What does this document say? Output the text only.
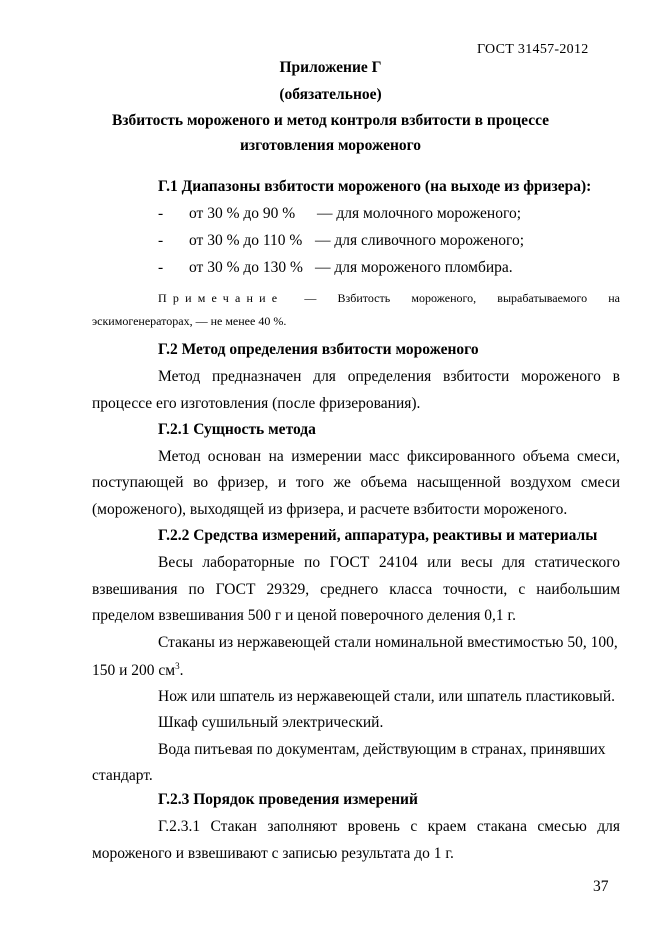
ГОСТ 31457-2012
Приложение Г
(обязательное)
Взбитость мороженого и метод контроля взбитости в процессе
изготовления мороженого
Г.1 Диапазоны взбитости мороженого (на выходе из фризера):
- от 30 % до 90 % — для молочного мороженого;
- от 30 % до 110 % — для сливочного мороженого;
- от 30 % до 130 % — для мороженого пломбира.
Примечание — Взбитость мороженого, вырабатываемого на
эскимогенераторах, — не менее 40 %.
Г.2 Метод определения взбитости мороженого
Метод предназначен для определения взбитости мороженого в
процессе его изготовления (после фризерования).
Г.2.1 Сущность метода
Метод основан на измерении масс фиксированного объема смеси,
поступающей во фризер, и того же объема насыщенной воздухом смеси
(мороженого), выходящей из фризера, и расчете взбитости мороженого.
Г.2.2 Средства измерений, аппаратура, реактивы и материалы
Весы лабораторные по ГОСТ 24104 или весы для статического
взвешивания по ГОСТ 29329, среднего класса точности, с наибольшим
пределом взвешивания 500 г и ценой поверочного деления 0,1 г.
Стаканы из нержавеющей стали номинальной вместимостью 50, 100,
150 и 200 $см^3$.
Нож или шпатель из нержавеющей стали, или шпатель пластиковый.
Шкаф сушильный электрический.
Вода питьевая по документам, действующим в странах, принявших
стандарт.
Г.2.3 Порядок проведения измерений
Г.2.3.1 Стакан заполняют вровень с краем стакана смесью для
мороженого и взвешивают с записью результата до 1 г.
37
